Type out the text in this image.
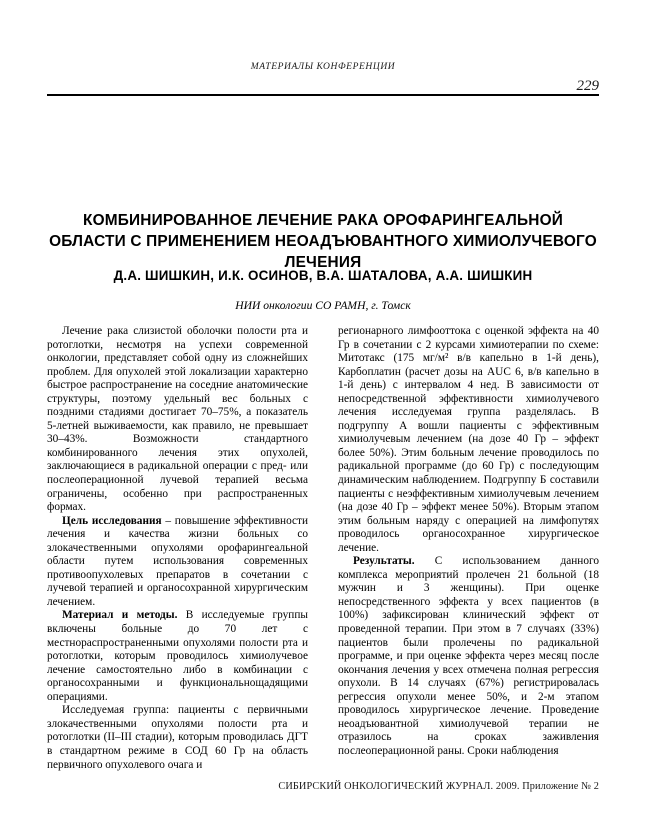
МАТЕРИАЛЫ КОНФЕРЕНЦИИ
229
КОМБИНИРОВАННОЕ ЛЕЧЕНИЕ РАКА ОРОФАРИНГЕАЛЬНОЙ ОБЛАСТИ С ПРИМЕНЕНИЕМ НЕОАДЪЮВАНТНОГО ХИМИОЛУЧЕВОГО ЛЕЧЕНИЯ
Д.А. ШИШКИН, И.К. ОСИНОВ, В.А. ШАТАЛОВА, А.А. ШИШКИН
НИИ онкологии СО РАМН, г. Томск

Лечение рака слизистой оболочки полости рта и ротоглотки, несмотря на успехи современной онкологии, представляет собой одну из сложнейших проблем. Для опухолей этой локализации характерно быстрое распространение на соседние анатомические структуры, поэтому удельный вес больных с поздними стадиями достигает 70–75%, а показатель 5-летней выживаемости, как правило, не превышает 30–43%. Возможности стандартного комбинированного лечения этих опухолей, заключающиеся в радикальной операции с пред- или послеоперационной лучевой терапией весьма ограничены, особенно при распространенных формах.

Цель исследования – повышение эффективности лечения и качества жизни больных со злокачественными опухолями орофарингеальной области путем использования современных противоопухолевых препаратов в сочетании с лучевой терапией и органосохранной хирургическим лечением.

Материал и методы. В исследуемые группы включены больные до 70 лет с местнораспространенными опухолями полости рта и ротоглотки, которым проводилось химиолучевое лечение самостоятельно либо в комбинации с органосохранными и функциональнощадящими операциями.

Исследуемая группа: пациенты с первичными злокачественными опухолями полости рта и ротоглотки (II–III стадии), которым проводилась ДГТ в стандартном режиме в СОД 60 Гр на область первичного опухолевого очага и

регионарного лимфооттока с оценкой эффекта на 40 Гр в сочетании с 2 курсами химиотерапии по схеме: Митотакс (175 мг/м² в/в капельно в 1-й день), Карбоплатин (расчет дозы на AUC 6, в/в капельно в 1-й день) с интервалом 4 нед. В зависимости от непосредственной эффективности химиолучевого лечения исследуемая группа разделялась. В подгруппу А вошли пациенты с эффективным химиолучевым лечением (на дозе 40 Гр – эффект более 50%). Этим больным лечение проводилось по радикальной программе (до 60 Гр) с последующим динамическим наблюдением. Подгруппу Б составили пациенты с неэффективным химиолучевым лечением (на дозе 40 Гр – эффект менее 50%). Вторым этапом этим больным наряду с операцией на лимфопутях проводилось органосохранное хирургическое лечение.

Результаты. С использованием данного комплекса мероприятий пролечен 21 больной (18 мужчин и 3 женщины). При оценке непосредственного эффекта у всех пациентов (в 100%) зафиксирован клинический эффект от проведенной терапии. При этом в 7 случаях (33%) пациентов были пролечены по радикальной программе, и при оценке эффекта через месяц после окончания лечения у всех отмечена полная регрессия опухоли. В 14 случаях (67%) регистрировалась регрессия опухоли менее 50%, и 2-м этапом проводилось хирургическое лечение. Проведение неоадъювантной химиолучевой терапии не отразилось на сроках заживления послеоперационной раны. Сроки наблюдения

СИБИРСКИЙ ОНКОЛОГИЧЕСКИЙ ЖУРНАЛ. 2009. Приложение № 2
